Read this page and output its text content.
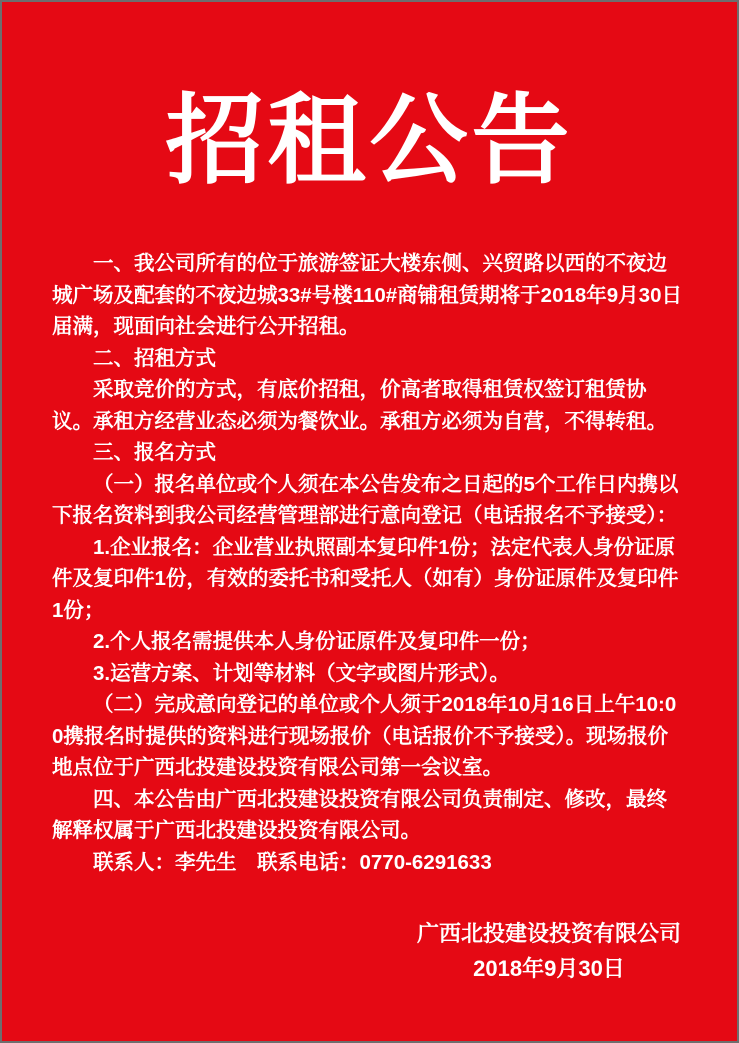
招租公告

一、我公司所有的位于旅游签证大楼东侧、兴贸路以西的不夜边城广场及配套的不夜边城33#号楼110#商铺租赁期将于2018年9月30日届满，现面向社会进行公开招租。

二、招租方式

采取竞价的方式，有底价招租，价高者取得租赁权签订租赁协议。承租方经营业态必须为餐饮业。承租方必须为自营，不得转租。

三、报名方式

（一）报名单位或个人须在本公告发布之日起的5个工作日内携以下报名资料到我公司经营管理部进行意向登记（电话报名不予接受）：

1.企业报名：企业营业执照副本复印件1份；法定代表人身份证原件及复印件1份，有效的委托书和受托人（如有）身份证原件及复印件1份；

2.个人报名需提供本人身份证原件及复印件一份；

3.运营方案、计划等材料（文字或图片形式）。

（二）完成意向登记的单位或个人须于2018年10月16日上午10:00携报名时提供的资料进行现场报价（电话报价不予接受）。现场报价地点位于广西北投建设投资有限公司第一会议室。

四、本公告由广西北投建设投资有限公司负责制定、修改，最终解释权属于广西北投建设投资有限公司。

联系人：李先生　联系电话：0770-6291633

广西北投建设投资有限公司
2018年9月30日
